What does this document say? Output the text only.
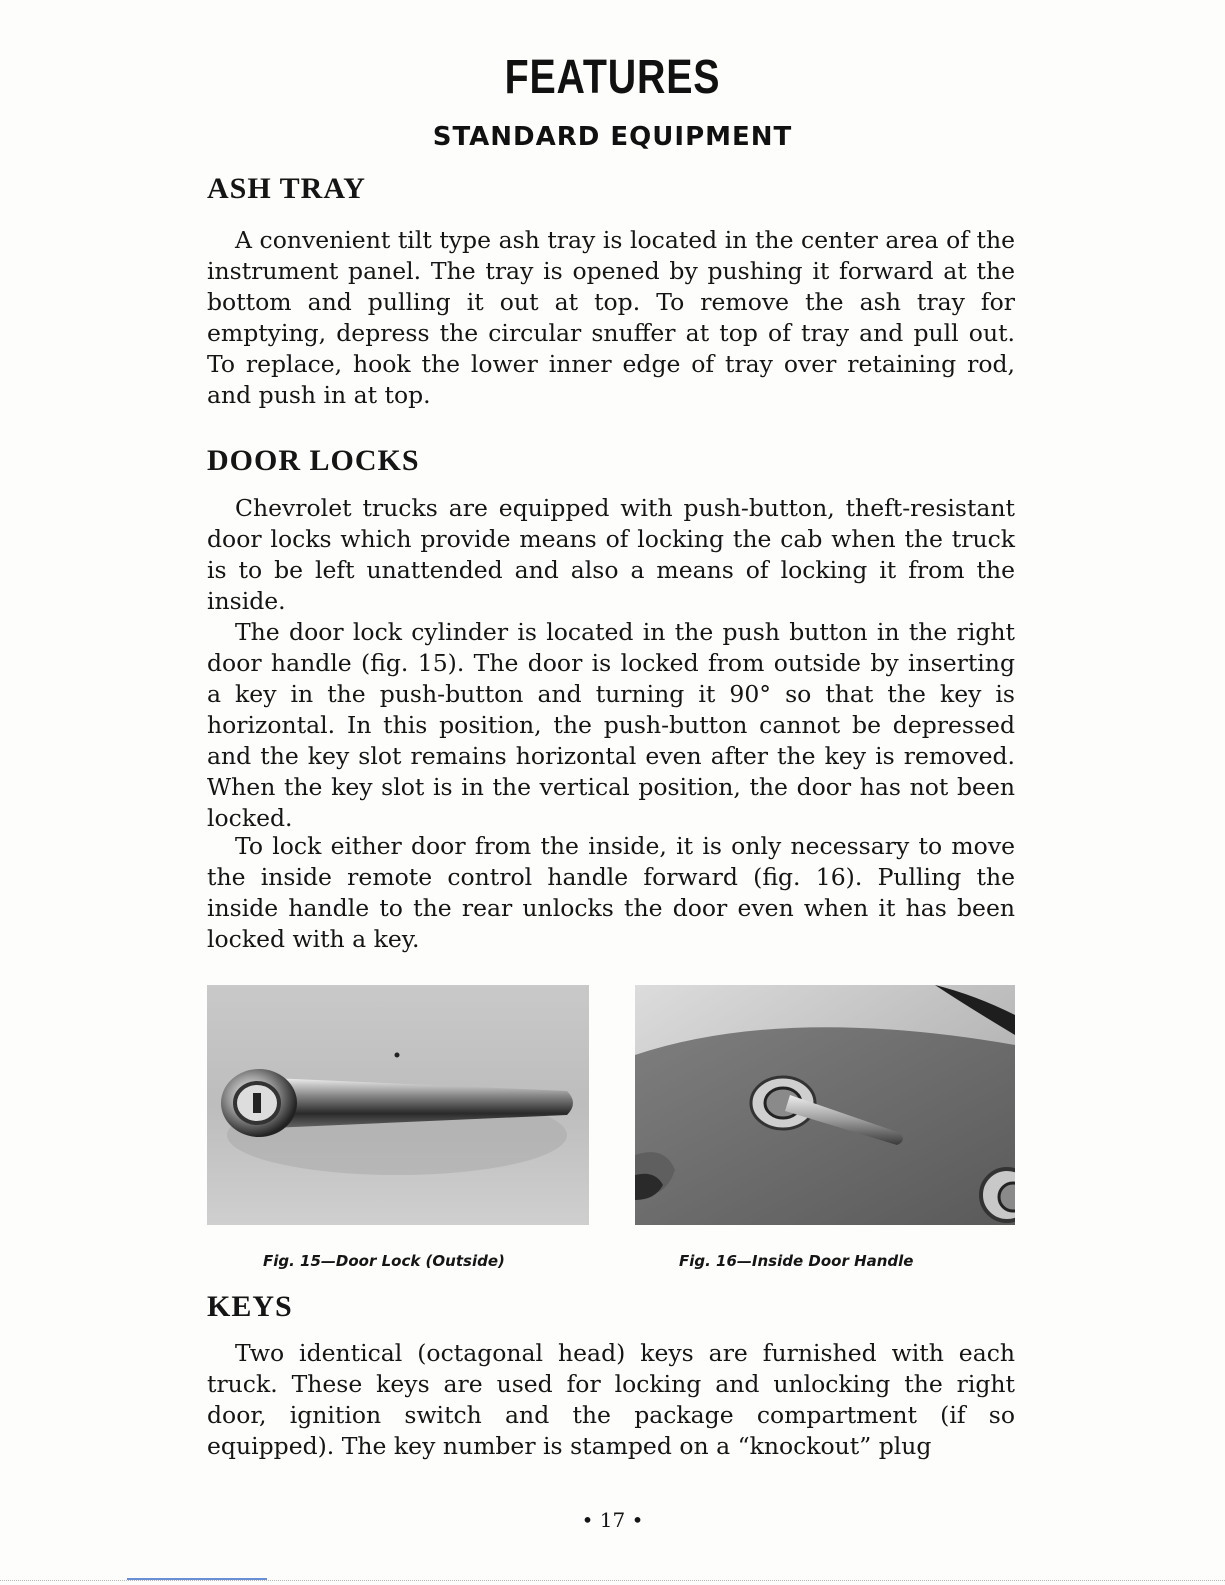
FEATURES
STANDARD EQUIPMENT
ASH TRAY

A convenient tilt type ash tray is located in the center area of the instrument panel. The tray is opened by pushing it forward at the bottom and pulling it out at top. To remove the ash tray for emptying, depress the circular snuffer at top of tray and pull out. To replace, hook the lower inner edge of tray over retaining rod, and push in at top.

DOOR LOCKS

Chevrolet trucks are equipped with push-button, theft-resistant door locks which provide means of locking the cab when the truck is to be left unattended and also a means of locking it from the inside.

The door lock cylinder is located in the push button in the right door handle (fig. 15). The door is locked from outside by inserting a key in the push-button and turning it 90° so that the key is horizontal. In this position, the push-button cannot be depressed and the key slot remains horizontal even after the key is removed. When the key slot is in the vertical position, the door has not been locked.

To lock either door from the inside, it is only necessary to move the inside remote control handle forward (fig. 16). Pulling the inside handle to the rear unlocks the door even when it has been locked with a key.

Fig. 15—Door Lock (Outside)	Fig. 16—Inside Door Handle

KEYS

Two identical (octagonal head) keys are furnished with each truck. These keys are used for locking and unlocking the right door, ignition switch and the package compartment (if so equipped). The key number is stamped on a “knockout” plug

• 17 •
